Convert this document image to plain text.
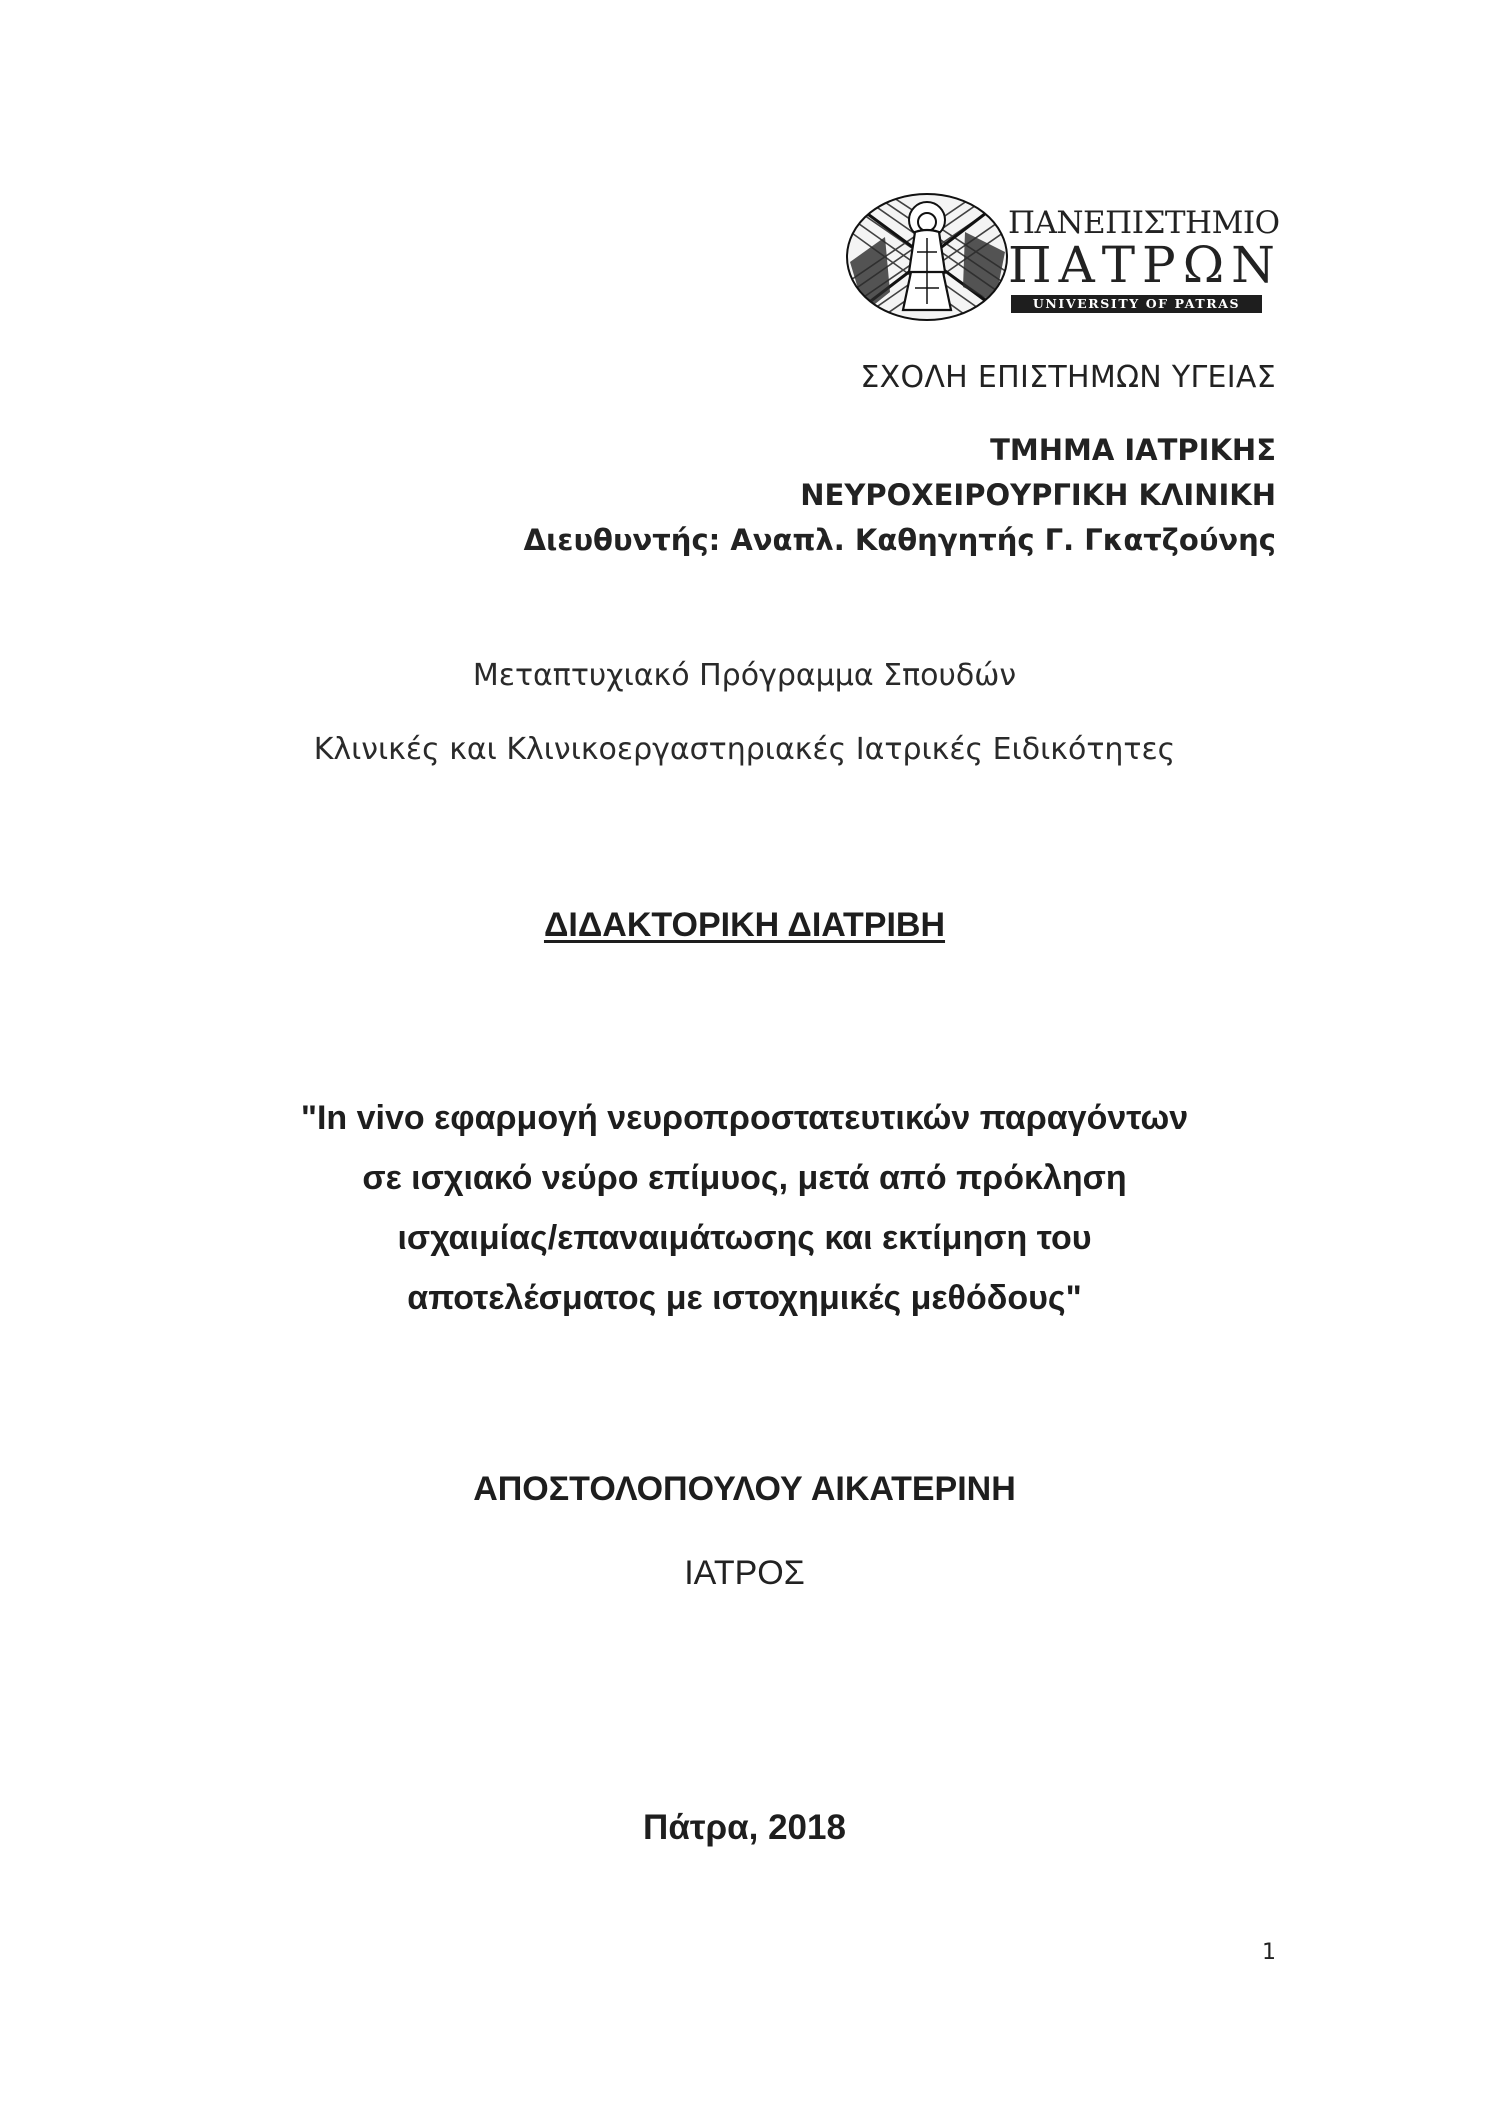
ΠΑΝΕΠΙΣΤΗΜΙΟ
ΠΑΤΡΩΝ
UNIVERSITY OF PATRAS
ΣΧΟΛΗ ΕΠΙΣΤΗΜΩΝ ΥΓΕΙΑΣ
ΤΜΗΜΑ ΙΑΤΡΙΚΗΣ
ΝΕΥΡΟΧΕΙΡΟΥΡΓΙΚΗ ΚΛΙΝΙΚΗ
Διευθυντής: Αναπλ. Καθηγητής Γ. Γκατζούνης
Μεταπτυχιακό Πρόγραμμα Σπουδών
Κλινικές και Κλινικοεργαστηριακές Ιατρικές Ειδικότητες
ΔΙΔΑΚΤΟΡΙΚΗ ΔΙΑΤΡΙΒΗ
"In vivo εφαρμογή νευροπροστατευτικών παραγόντων
σε ισχιακό νεύρο επίμυος, μετά από πρόκληση
ισχαιμίας/επαναιμάτωσης και εκτίμηση του
αποτελέσματος με ιστοχημικές μεθόδους"
ΑΠΟΣΤΟΛΟΠΟΥΛΟΥ ΑΙΚΑΤΕΡΙΝΗ
ΙΑΤΡΟΣ
Πάτρα, 2018
1
